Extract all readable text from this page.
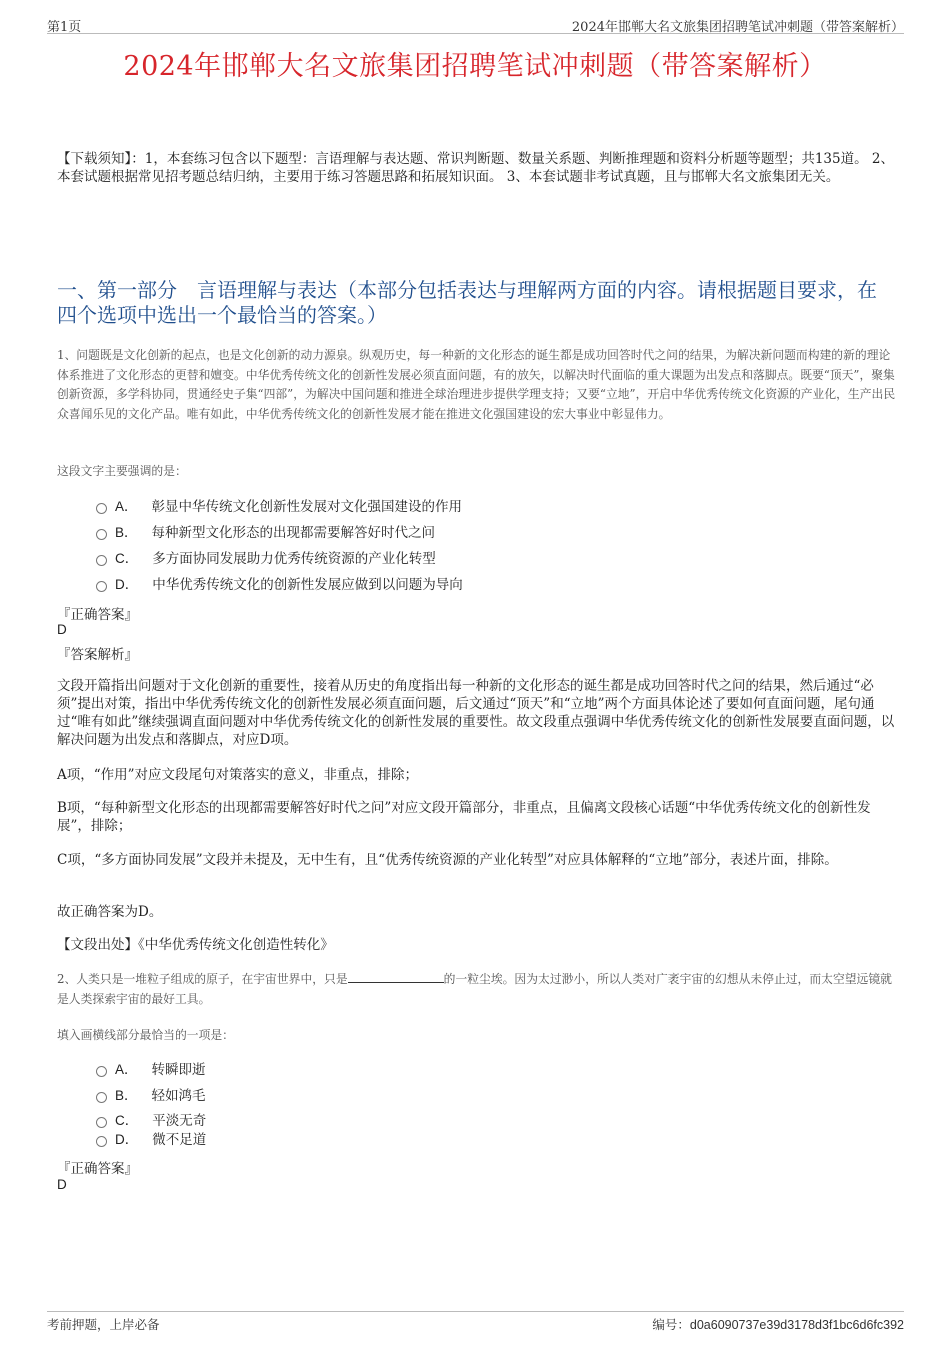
第1页	2024年邯郸大名文旅集团招聘笔试冲刺题（带答案解析）
2024年邯郸大名文旅集团招聘笔试冲刺题（带答案解析）
【下载须知】：1，本套练习包含以下题型：言语理解与表达题、常识判断题、数量关系题、判断推理题和资料分析题等题型；共135道。 2、本套试题根据常见招考题总结归纳，主要用于练习答题思路和拓展知识面。 3、本套试题非考试真题，且与邯郸大名文旅集团无关。
一、第一部分　言语理解与表达（本部分包括表达与理解两方面的内容。请根据题目要求，在四个选项中选出一个最恰当的答案。）
1、问题既是文化创新的起点，也是文化创新的动力源泉。纵观历史，每一种新的文化形态的诞生都是成功回答时代之问的结果，为解决新问题而构建的新的理论体系推进了文化形态的更替和嬗变。中华优秀传统文化的创新性发展必须直面问题，有的放矢，以解决时代面临的重大课题为出发点和落脚点。既要“顶天”，聚集创新资源，多学科协同，贯通经史子集“四部”，为解决中国问题和推进全球治理进步提供学理支持；又要“立地”，开启中华优秀传统文化资源的产业化，生产出民众喜闻乐见的文化产品。唯有如此，中华优秀传统文化的创新性发展才能在推进文化强国建设的宏大事业中彰显伟力。
这段文字主要强调的是：
A． 彰显中华传统文化创新性发展对文化强国建设的作用
B． 每种新型文化形态的出现都需要解答好时代之问
C． 多方面协同发展助力优秀传统资源的产业化转型
D． 中华优秀传统文化的创新性发展应做到以问题为导向
『正确答案』
D
『答案解析』
文段开篇指出问题对于文化创新的重要性，接着从历史的角度指出每一种新的文化形态的诞生都是成功回答时代之问的结果，然后通过“必须”提出对策，指出中华优秀传统文化的创新性发展必须直面问题，后文通过“顶天”和“立地”两个方面具体论述了要如何直面问题，尾句通过“唯有如此”继续强调直面问题对中华优秀传统文化的创新性发展的重要性。故文段重点强调中华优秀传统文化的创新性发展要直面问题，以解决问题为出发点和落脚点，对应D项。
A项，“作用”对应文段尾句对策落实的意义，非重点，排除；
B项，“每种新型文化形态的出现都需要解答好时代之问”对应文段开篇部分，非重点，且偏离文段核心话题“中华优秀传统文化的创新性发展”，排除；
C项，“多方面协同发展”文段并未提及，无中生有，且“优秀传统资源的产业化转型”对应具体解释的“立地”部分，表述片面，排除。
故正确答案为D。
【文段出处】《中华优秀传统文化创造性转化》
2、人类只是一堆粒子组成的原子，在宇宙世界中，只是	的一粒尘埃。因为太过渺小，所以人类对广袤宇宙的幻想从未停止过，而太空望远镜就是人类探索宇宙的最好工具。
填入画横线部分最恰当的一项是：
A． 转瞬即逝
B． 轻如鸿毛
C． 平淡无奇
D． 微不足道
『正确答案』
D
考前押题，上岸必备	编号：d0a6090737e39d3178d3f1bc6d6fc392
